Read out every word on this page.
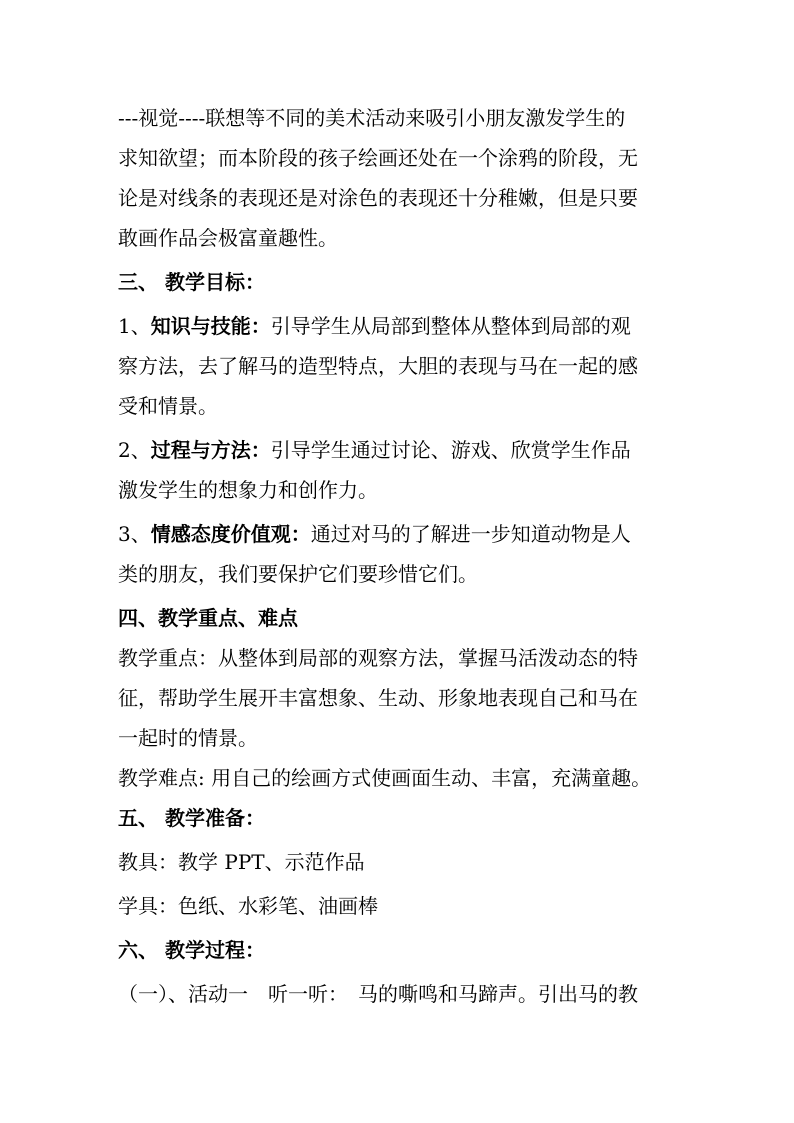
---视觉----联想等不同的美术活动来吸引小朋友激发学生的

求知欲望；而本阶段的孩子绘画还处在一个涂鸦的阶段，无

论是对线条的表现还是对涂色的表现还十分稚嫩，但是只要

敢画作品会极富童趣性。

三、 教学目标：

1、知识与技能：引导学生从局部到整体从整体到局部的观

察方法，去了解马的造型特点，大胆的表现与马在一起的感

受和情景。

2、过程与方法：引导学生通过讨论、游戏、欣赏学生作品

激发学生的想象力和创作力。

3、情感态度价值观：通过对马的了解进一步知道动物是人

类的朋友，我们要保护它们要珍惜它们。

四、教学重点、难点

教学重点：从整体到局部的观察方法，掌握马活泼动态的特

征，帮助学生展开丰富想象、生动、形象地表现自己和马在

一起时的情景。

教学难点: 用自己的绘画方式使画面生动、丰富，充满童趣。

五、 教学准备：

教具：教学 PPT、示范作品

学具：色纸、水彩笔、油画棒

六、 教学过程：

（一）、活动一　听一听：　马的嘶鸣和马蹄声。引出马的教
